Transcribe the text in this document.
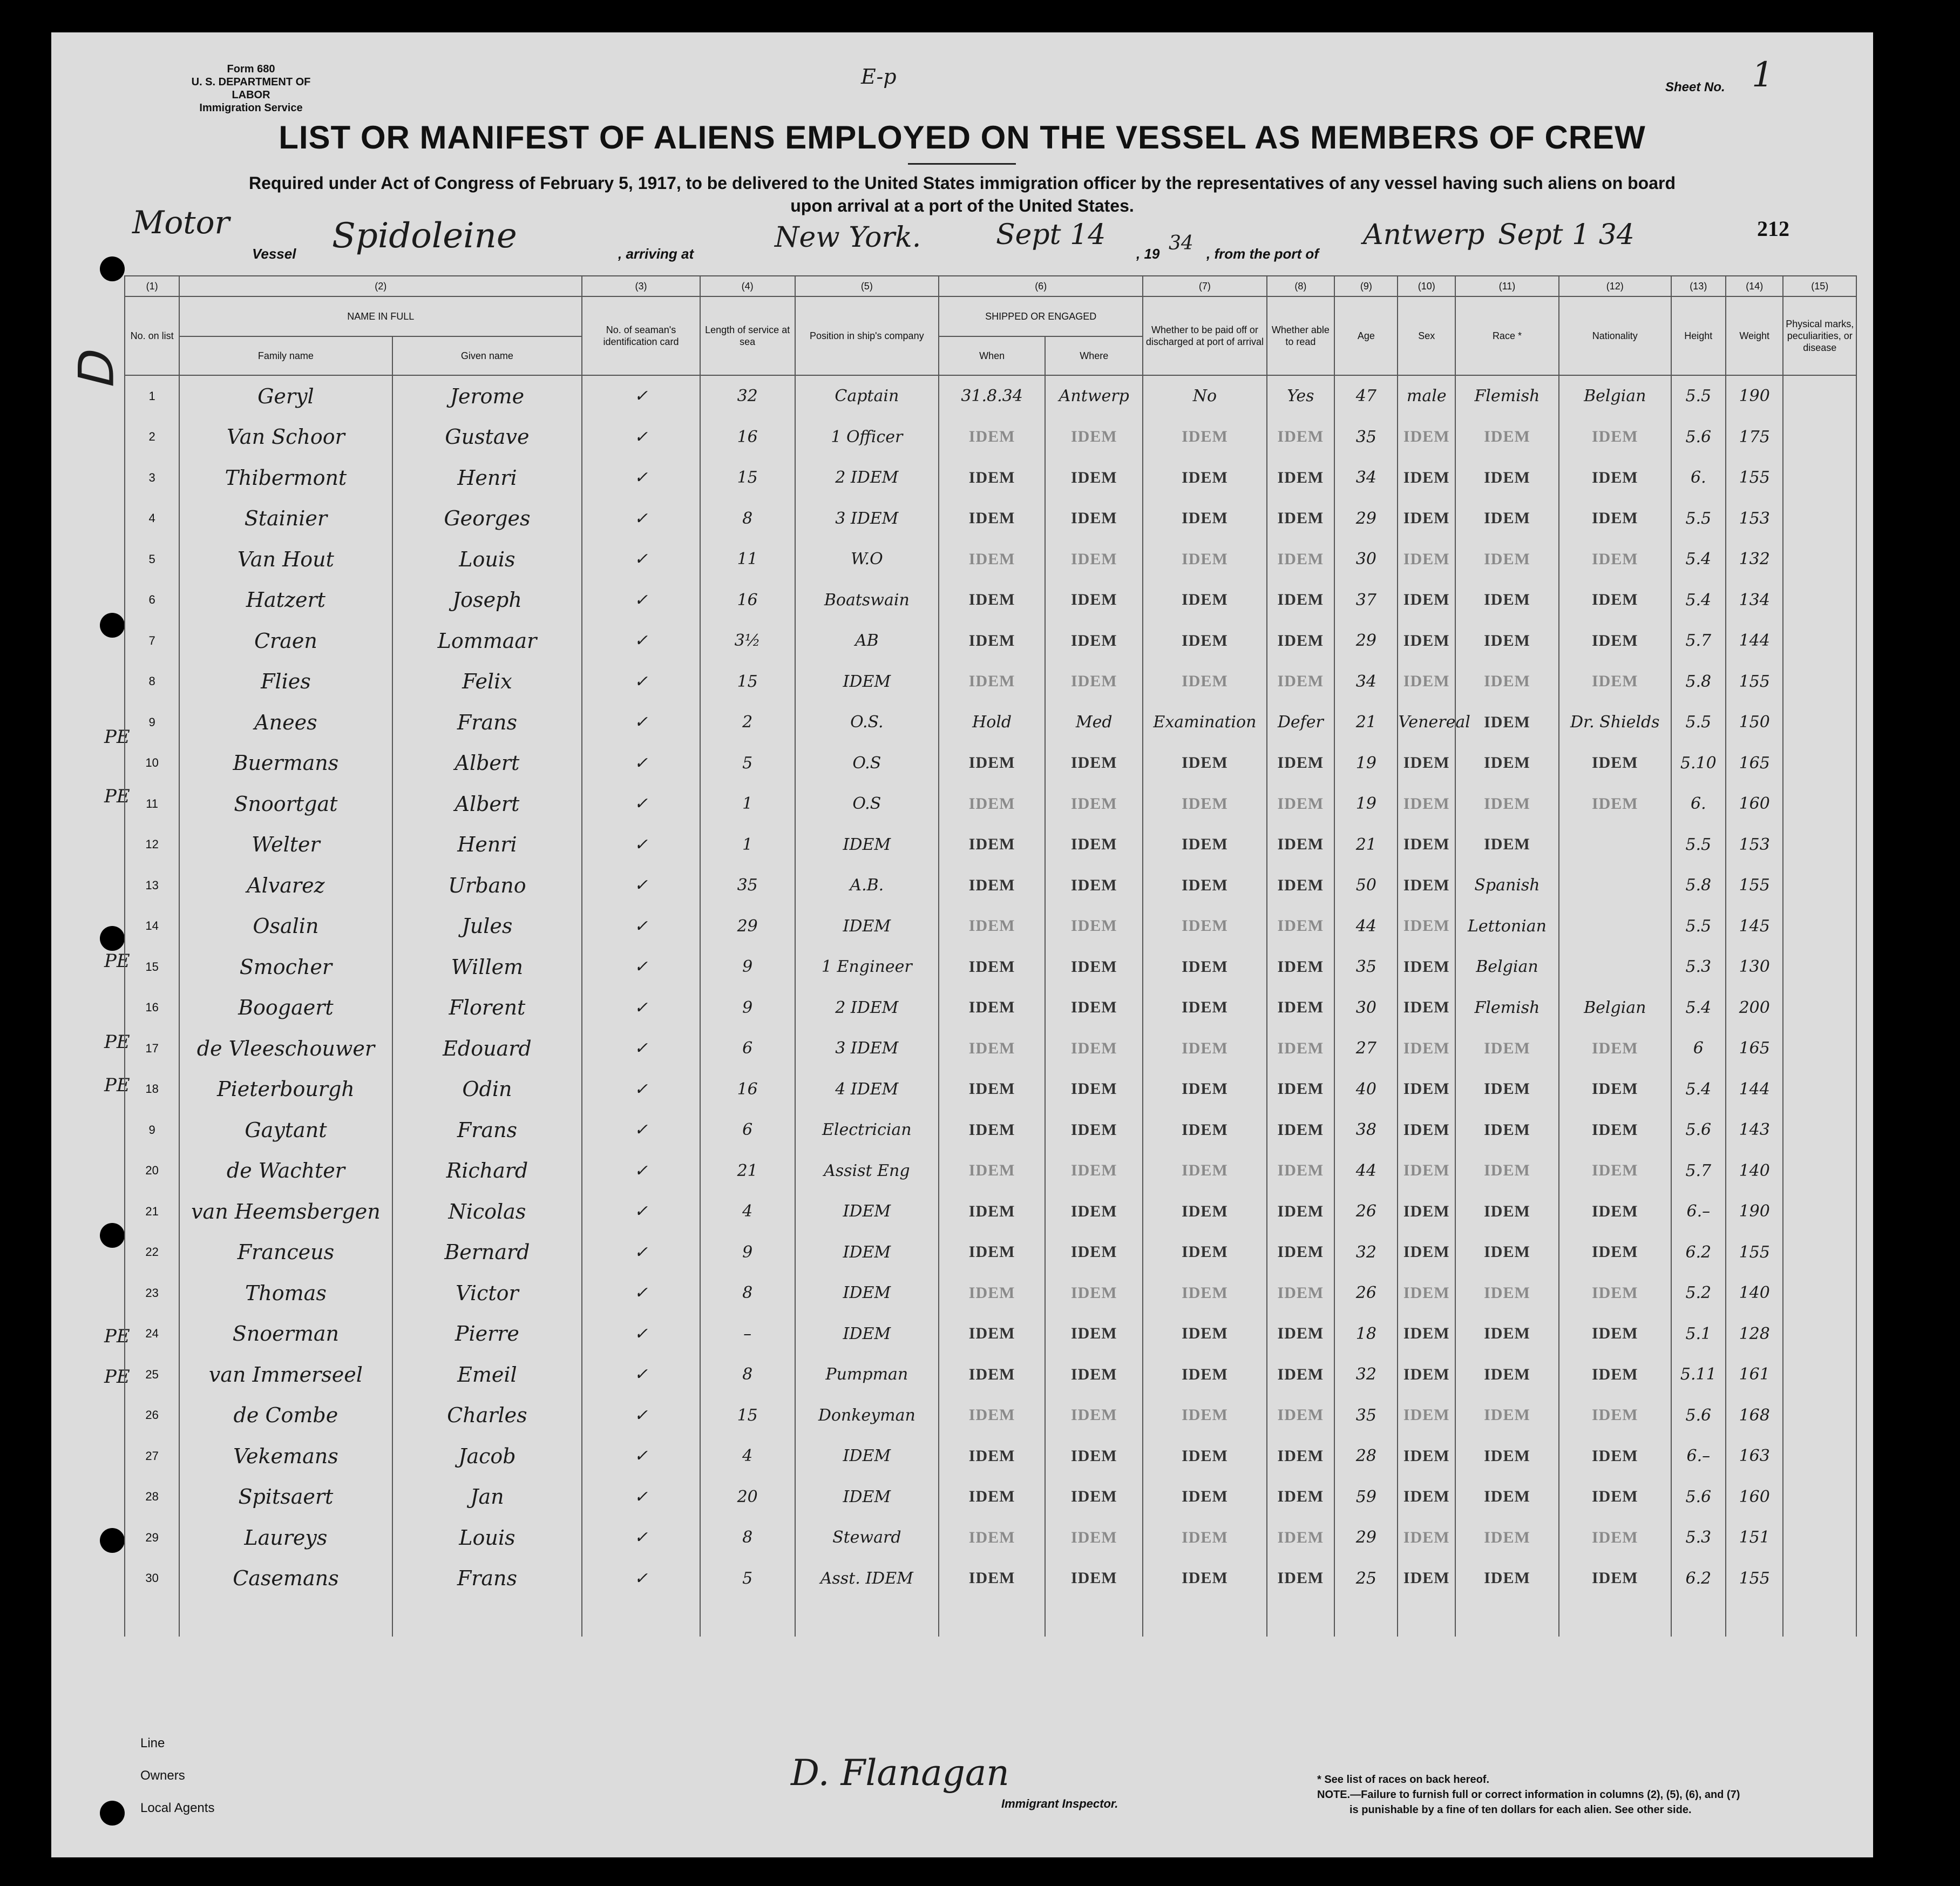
Form 680
U. S. DEPARTMENT OF LABOR
Immigration Service
E-p	Sheet No. 1
LIST OR MANIFEST OF ALIENS EMPLOYED ON THE VESSEL AS MEMBERS OF CREW
Required under Act of Congress of February 5, 1917, to be delivered to the United States immigration officer by the representatives of any vessel having such aliens on board
upon arrival at a port of the United States.
Motor
Vessel Spidoleine	, arriving at	New York.	Sept 14
, 19 34 , from the port of
Antwerp Sept 1 34	212
ᗡ
PE
PE
PE
PE
PE
PE
PE
(1)	(2)		(3)	(4)	(5)	(6)		(7)	(8)	(9)	(10)	(11)	(12)	(13)	(14)	(15)
No. on list	NAME IN FULL		No. of seaman's identification card	Length of service at sea	Position in ship's company	SHIPPED OR ENGAGED		Whether to be paid off or discharged at port of arrival	Whether able to read	Age	Sex	Race *	Nationality	Height	Weight	Physical marks, peculiarities, or disease
	Family name	Given name				When	Where									
1	Geryl	Jerome	✓	32	Captain	31.8.34	Antwerp	No	Yes	47	male	Flemish	Belgian	5.5	190	
2	Van Schoor	Gustave	✓	16	1 Officer	IDEM	IDEM	IDEM	IDEM	35	IDEM	IDEM	IDEM	5.6	175	
3	Thibermont	Henri	✓	15	2 IDEM	IDEM	IDEM	IDEM	IDEM	34	IDEM	IDEM	IDEM	6.	155	
4	Stainier	Georges	✓	8	3 IDEM	IDEM	IDEM	IDEM	IDEM	29	IDEM	IDEM	IDEM	5.5	153	
5	Van Hout	Louis	✓	11	W.O	IDEM	IDEM	IDEM	IDEM	30	IDEM	IDEM	IDEM	5.4	132	
6	Hatzert	Joseph	✓	16	Boatswain	IDEM	IDEM	IDEM	IDEM	37	IDEM	IDEM	IDEM	5.4	134	
7	Craen	Lommaar	✓	3½	AB	IDEM	IDEM	IDEM	IDEM	29	IDEM	IDEM	IDEM	5.7	144	
8	Flies	Felix	✓	15	IDEM	IDEM	IDEM	IDEM	IDEM	34	IDEM	IDEM	IDEM	5.8	155	
9	Anees	Frans	✓	2	O.S.	Hold	Med	Examination	Defer	21	Venereal	IDEM	Dr. Shields	5.5	150	
10	Buermans	Albert	✓	5	O.S	IDEM	IDEM	IDEM	IDEM	19	IDEM	IDEM	IDEM	5.10	165	
11	Snoortgat	Albert	✓	1	O.S	IDEM	IDEM	IDEM	IDEM	19	IDEM	IDEM	IDEM	6.	160	
12	Welter	Henri	✓	1	IDEM	IDEM	IDEM	IDEM	IDEM	21	IDEM	IDEM		5.5	153	
13	Alvarez	Urbano	✓	35	A.B.	IDEM	IDEM	IDEM	IDEM	50	IDEM	Spanish		5.8	155	
14	Osalin	Jules	✓	29	IDEM	IDEM	IDEM	IDEM	IDEM	44	IDEM	Lettonian		5.5	145	
15	Smocher	Willem	✓	9	1 Engineer	IDEM	IDEM	IDEM	IDEM	35	IDEM	Belgian		5.3	130	
16	Boogaert	Florent	✓	9	2 IDEM	IDEM	IDEM	IDEM	IDEM	30	IDEM	Flemish	Belgian	5.4	200	
17	de Vleeschouwer	Edouard	✓	6	3 IDEM	IDEM	IDEM	IDEM	IDEM	27	IDEM	IDEM	IDEM	6	165	
18	Pieterbourgh	Odin	✓	16	4 IDEM	IDEM	IDEM	IDEM	IDEM	40	IDEM	IDEM	IDEM	5.4	144	
9	Gaytant	Frans	✓	6	Electrician	IDEM	IDEM	IDEM	IDEM	38	IDEM	IDEM	IDEM	5.6	143	
20	de Wachter	Richard	✓	21	Assist Eng	IDEM	IDEM	IDEM	IDEM	44	IDEM	IDEM	IDEM	5.7	140	
21	van Heemsbergen	Nicolas	✓	4	IDEM	IDEM	IDEM	IDEM	IDEM	26	IDEM	IDEM	IDEM	6.–	190	
22	Franceus	Bernard	✓	9	IDEM	IDEM	IDEM	IDEM	IDEM	32	IDEM	IDEM	IDEM	6.2	155	
23	Thomas	Victor	✓	8	IDEM	IDEM	IDEM	IDEM	IDEM	26	IDEM	IDEM	IDEM	5.2	140	
24	Snoerman	Pierre	✓	–	IDEM	IDEM	IDEM	IDEM	IDEM	18	IDEM	IDEM	IDEM	5.1	128	
25	van Immerseel	Emeil	✓	8	Pumpman	IDEM	IDEM	IDEM	IDEM	32	IDEM	IDEM	IDEM	5.11	161	
26	de Combe	Charles	✓	15	Donkeyman	IDEM	IDEM	IDEM	IDEM	35	IDEM	IDEM	IDEM	5.6	168	
27	Vekemans	Jacob	✓	4	IDEM	IDEM	IDEM	IDEM	IDEM	28	IDEM	IDEM	IDEM	6.–	163	
28	Spitsaert	Jan	✓	20	IDEM	IDEM	IDEM	IDEM	IDEM	59	IDEM	IDEM	IDEM	5.6	160	
29	Laureys	Louis	✓	8	Steward	IDEM	IDEM	IDEM	IDEM	29	IDEM	IDEM	IDEM	5.3	151	
30	Casemans	Frans	✓	5	Asst. IDEM	IDEM	IDEM	IDEM	IDEM	25	IDEM	IDEM	IDEM	6.2	155	

Line
Owners
Local Agents
D. Flanagan
Immigrant Inspector.
* See list of races on back hereof.
NOTE.—Failure to furnish full or correct information in columns (2), (5), (6), and (7)
is punishable by a fine of ten dollars for each alien. See other side.
